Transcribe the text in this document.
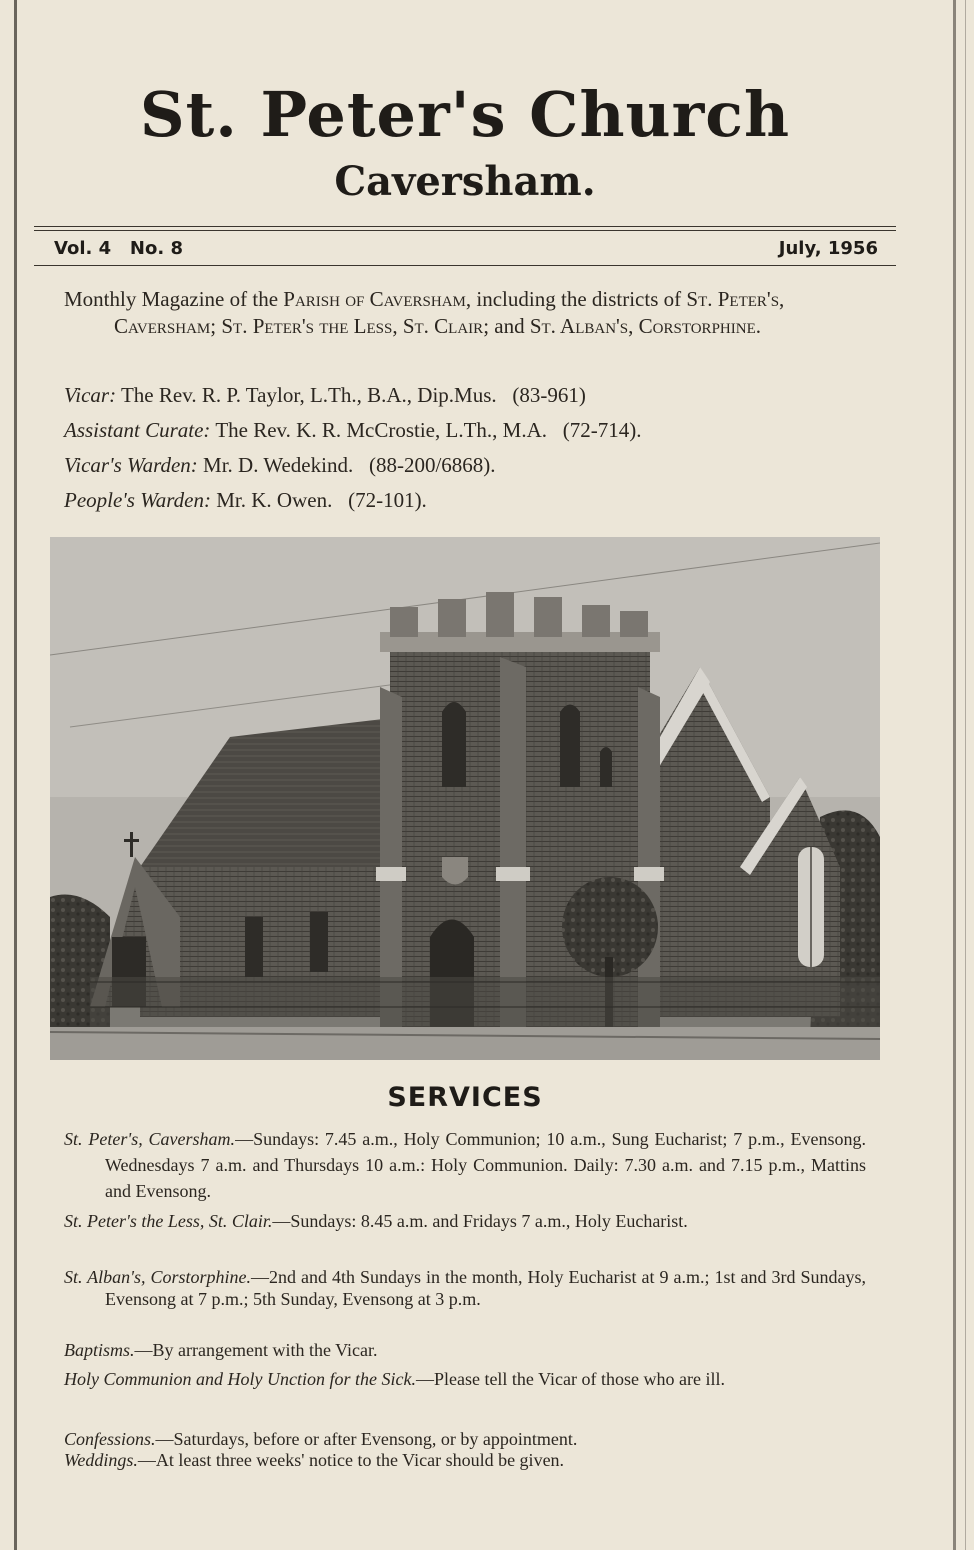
St. Peter's Church
Caversham.
Vol. 4   No. 8	July, 1956

Monthly Magazine of the Parish of Caversham, including the districts of St. Peter's, Caversham; St. Peter's the Less, St. Clair; and St. Alban's, Corstorphine.

Vicar: The Rev. R. P. Taylor, L.Th., B.A., Dip.Mus. (83-961)
Assistant Curate: The Rev. K. R. McCrostie, L.Th., M.A. (72-714).
Vicar's Warden: Mr. D. Wedekind. (88-200/6868).
People's Warden: Mr. K. Owen. (72-101).
SERVICES

St. Peter's, Caversham.—Sundays: 7.45 a.m., Holy Communion; 10 a.m., Sung Eucharist; 7 p.m., Evensong. Wednesdays 7 a.m. and Thursdays 10 a.m.: Holy Communion. Daily: 7.30 a.m. and 7.15 p.m., Mattins and Evensong.

St. Peter's the Less, St. Clair.—Sundays: 8.45 a.m. and Fridays 7 a.m., Holy Eucharist.

St. Alban's, Corstorphine.—2nd and 4th Sundays in the month, Holy Eucharist at 9 a.m.; 1st and 3rd Sundays, Evensong at 7 p.m.; 5th Sunday, Evensong at 3 p.m.

Baptisms.—By arrangement with the Vicar.

Holy Communion and Holy Unction for the Sick.—Please tell the Vicar of those who are ill.

Confessions.—Saturdays, before or after Evensong, or by appointment.

Weddings.—At least three weeks' notice to the Vicar should be given.
